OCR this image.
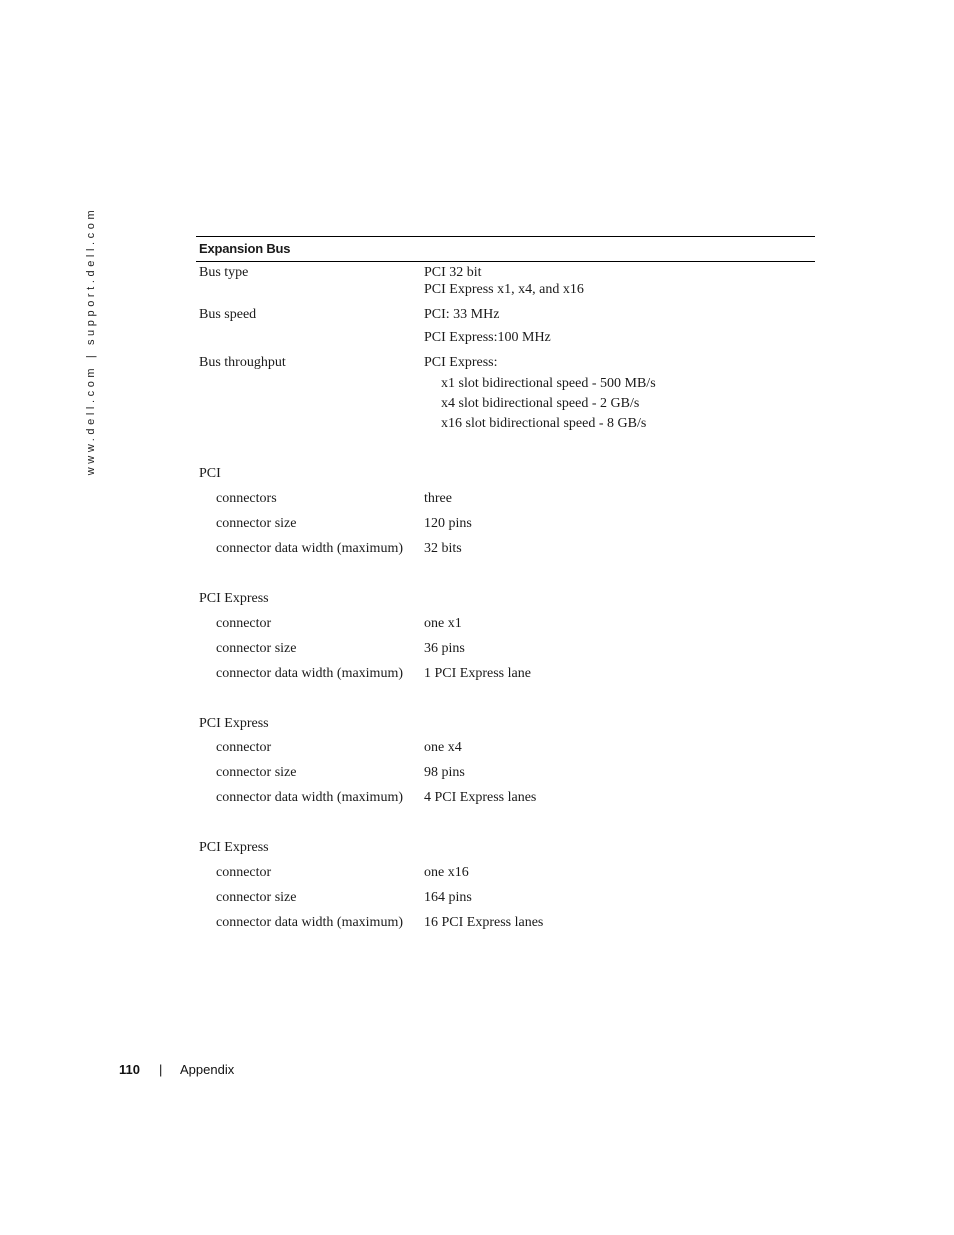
www.dell.com | support.dell.com	Expansion Bus
Bus type	PCI 32 bit
PCI Express x1, x4, and x16
Bus speed	PCI: 33 MHz
PCI Express:100 MHz
Bus throughput	PCI Express:
x1 slot bidirectional speed - 500 MB/s
x4 slot bidirectional speed - 2 GB/s
x16 slot bidirectional speed - 8 GB/s
PCI
connectors	three
connector size	120 pins
connector data width (maximum) 32 bits
PCI Express
connector	one x1
connector size	36 pins
connector data width (maximum) 1 PCI Express lane
PCI Express
connector	one x4
connector size	98 pins
connector data width (maximum) 4 PCI Express lanes
PCI Express
connector	one x16
connector size	164 pins
connector data width (maximum) 16 PCI Express lanes
110 | Appendix
